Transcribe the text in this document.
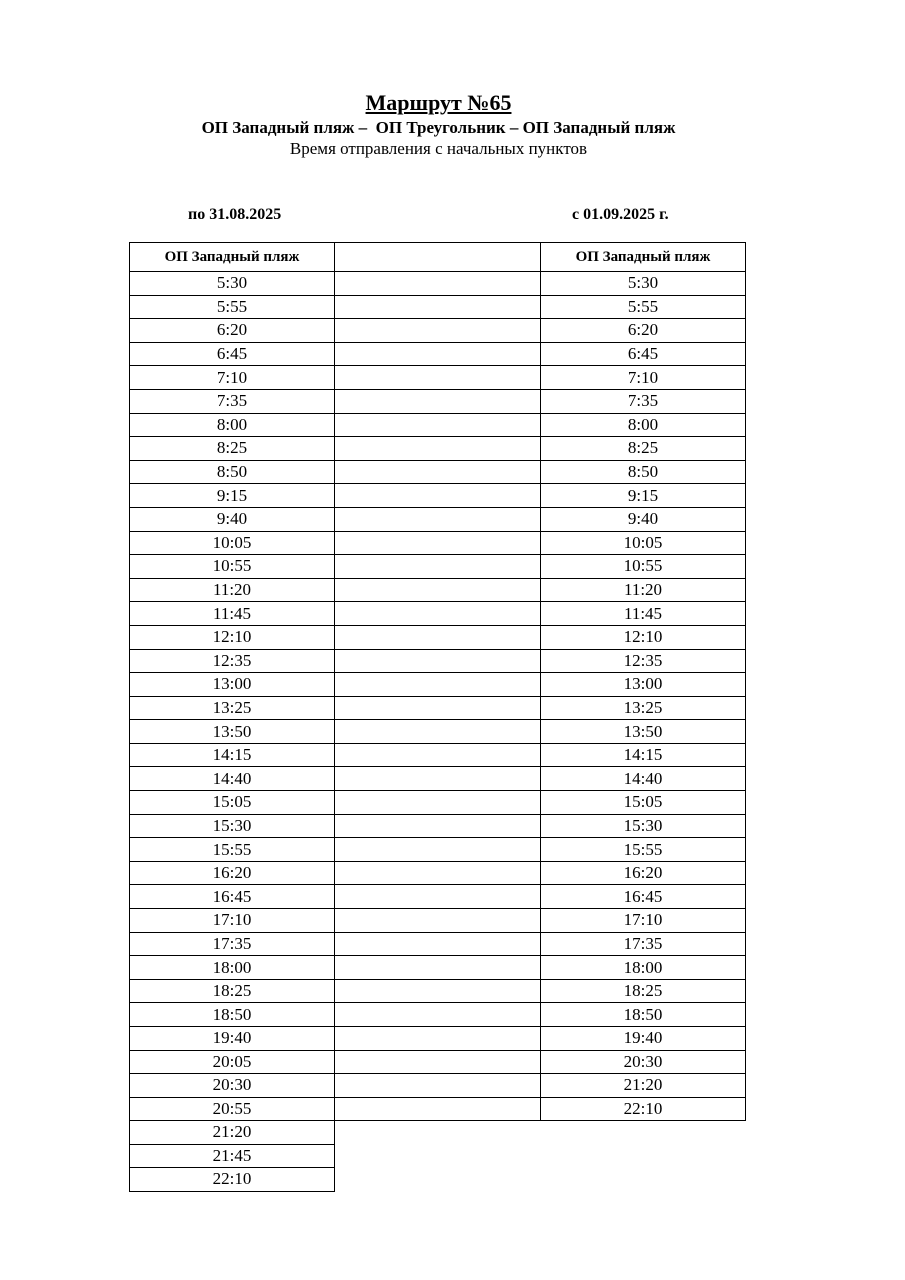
Маршрут №65
ОП Западный пляж –  ОП Треугольник – ОП Западный пляж
Время отправления с начальных пунктов
по 31.08.2025	с 01.09.2025 г.
ОП Западный пляж		ОП Западный пляж
5:30		5:30
5:55		5:55
6:20		6:20
6:45		6:45
7:10		7:10
7:35		7:35
8:00		8:00
8:25		8:25
8:50		8:50
9:15		9:15
9:40		9:40
10:05		10:05
10:55		10:55
11:20		11:20
11:45		11:45
12:10		12:10
12:35		12:35
13:00		13:00
13:25		13:25
13:50		13:50
14:15		14:15
14:40		14:40
15:05		15:05
15:30		15:30
15:55		15:55
16:20		16:20
16:45		16:45
17:10		17:10
17:35		17:35
18:00		18:00
18:25		18:25
18:50		18:50
19:40		19:40
20:05		20:30
20:30		21:20
20:55		22:10
21:20
21:45
22:10
